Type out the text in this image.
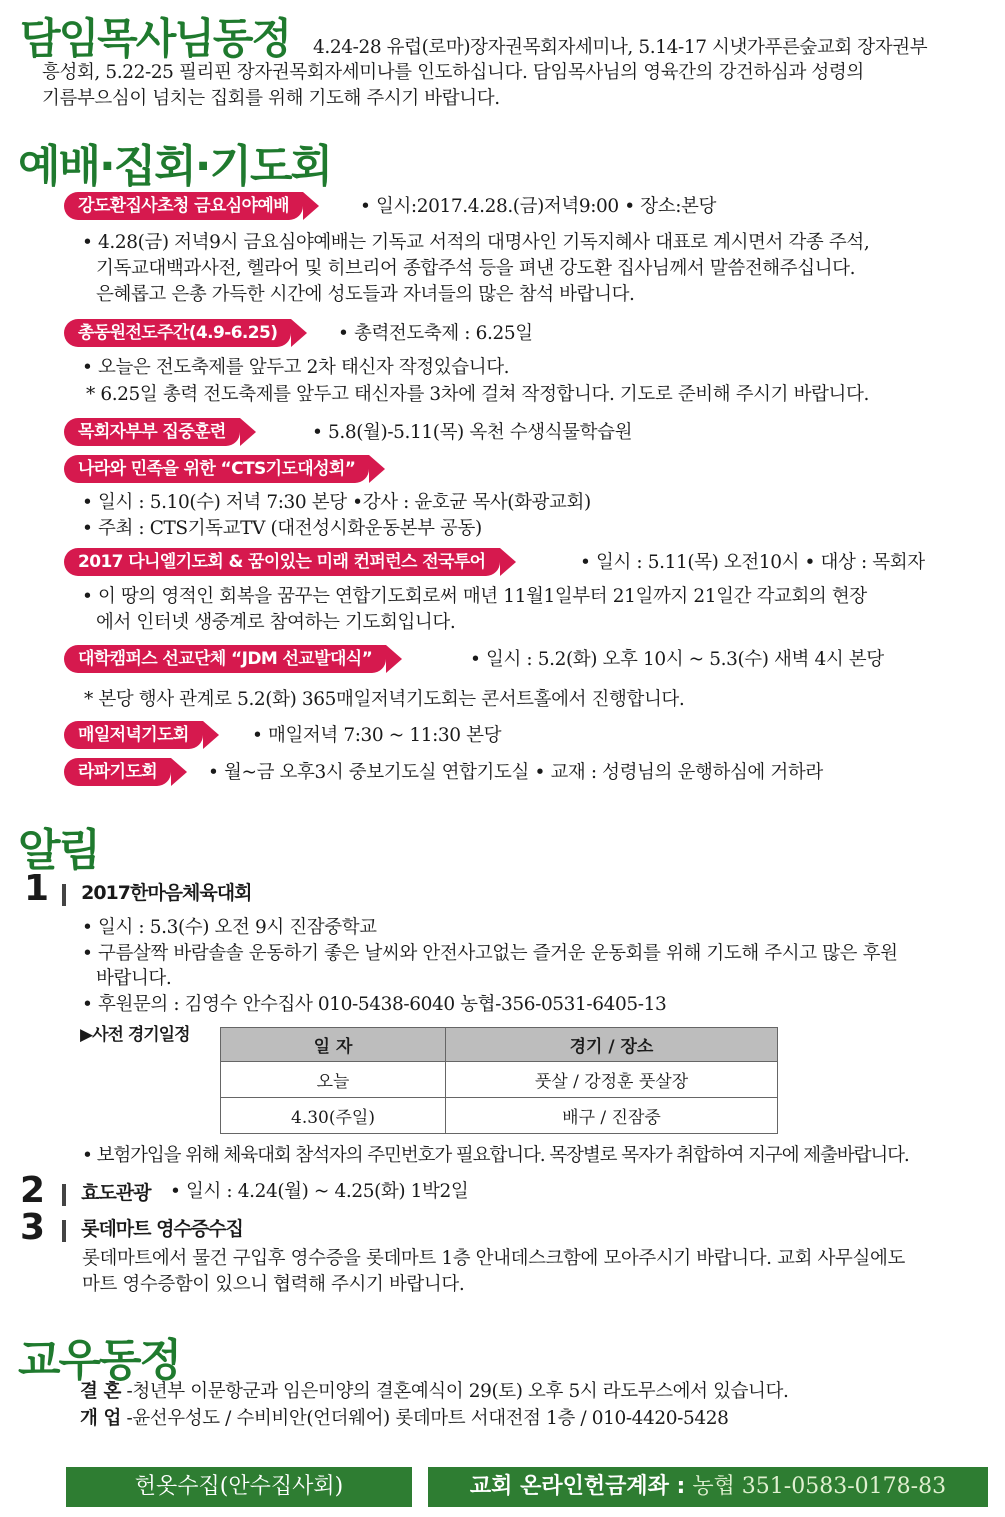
담임목사님동정 4.24-28 유럽(로마)장자권목회자세미나, 5.14-17 시냇가푸른숲교회 장자권부
흥성회, 5.22-25 필리핀 장자권목회자세미나를 인도하십니다. 담임목사님의 영육간의 강건하심과 성령의
기름부으심이 넘치는 집회를 위해 기도해 주시기 바랍니다.
예배·집회·기도회
강도환집사초청 금요심야예배	• 일시:2017.4.28.(금)저녁9:00 • 장소:본당
• 4.28(금) 저녁9시 금요심야예배는 기독교 서적의 대명사인 기독지혜사 대표로 계시면서 각종 주석,
기독교대백과사전, 헬라어 및 히브리어 종합주석 등을 펴낸 강도환 집사님께서 말씀전해주십니다.
은혜롭고 은총 가득한 시간에 성도들과 자녀들의 많은 참석 바랍니다.
총동원전도주간(4.9-6.25)	• 총력전도축제 : 6.25일
• 오늘은 전도축제를 앞두고 2차 태신자 작정있습니다.
* 6.25일 총력 전도축제를 앞두고 태신자를 3차에 걸쳐 작정합니다. 기도로 준비해 주시기 바랍니다.
목회자부부 집중훈련	• 5.8(월)-5.11(목) 옥천 수생식물학습원
나라와 민족을 위한 “CTS기도대성회”
• 일시 : 5.10(수) 저녁 7:30 본당 •강사 : 윤호균 목사(화광교회)
• 주최 : CTS기독교TV (대전성시화운동본부 공동)
2017 다니엘기도회 & 꿈이있는 미래 컨퍼런스 전국투어	• 일시 : 5.11(목) 오전10시 • 대상 : 목회자
• 이 땅의 영적인 회복을 꿈꾸는 연합기도회로써 매년 11월1일부터 21일까지 21일간 각교회의 현장
에서 인터넷 생중계로 참여하는 기도회입니다.
대학캠퍼스 선교단체 “JDM 선교발대식”	• 일시 : 5.2(화) 오후 10시 ~ 5.3(수) 새벽 4시 본당
* 본당 행사 관계로 5.2(화) 365매일저녁기도회는 콘서트홀에서 진행합니다.
매일저녁기도회	• 매일저녁 7:30 ~ 11:30 본당
라파기도회	• 월~금 오후3시 중보기도실 연합기도실 • 교재 : 성령님의 운행하심에 거하라
알림
1	2017한마음체육대회
• 일시 : 5.3(수) 오전 9시 진잠중학교
• 구름살짝 바람솔솔 운동하기 좋은 날씨와 안전사고없는 즐거운 운동회를 위해 기도해 주시고 많은 후원
바랍니다.
• 후원문의 : 김영수 안수집사 010-5438-6040 농협-356-0531-6405-13
▶사전 경기일정
일 자	경기 / 장소
오늘	풋살 / 강정훈 풋살장
4.30(주일)	배구 / 진잠중
• 보험가입을 위해 체육대회 참석자의 주민번호가 필요합니다. 목장별로 목자가 취합하여 지구에 제출바랍니다.
2	효도관광 • 일시 : 4.24(월) ~ 4.25(화) 1박2일
3	롯데마트 영수증수집
롯데마트에서 물건 구입후 영수증을 롯데마트 1층 안내데스크함에 모아주시기 바랍니다. 교회 사무실에도
마트 영수증함이 있으니 협력해 주시기 바랍니다.
교우동정
결 혼 -청년부 이문항군과 임은미양의 결혼예식이 29(토) 오후 5시 라도무스에서 있습니다.
개 업 -윤선우성도 / 수비비안(언더웨어) 롯데마트 서대전점 1층 / 010-4420-5428
헌옷수집(안수집사회)	교회 온라인헌금계좌 : 농협 351-0583-0178-83
